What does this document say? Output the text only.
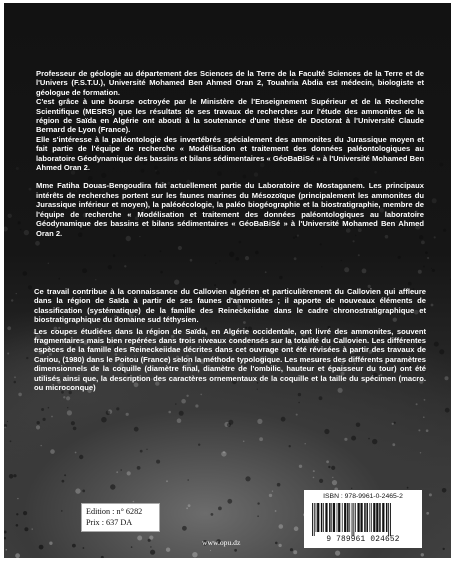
Professeur de géologie au département des Sciences de la Terre de la Faculté Sciences de la Terre et de l'Univers (F.S.T.U.), Université Mohamed Ben Ahmed Oran 2, Touahria Abdia est médecin, biologiste et géologue de formation.

C'est grâce à une bourse octroyée par le Ministère de l'Enseignement Supérieur et de la Recherche Scientifique (MESRS) que les résultats de ses travaux de recherches sur l'étude des ammonites de la région de Saïda en Algérie ont abouti à la soutenance d'une thèse de Doctorat à l'Université Claude Bernard de Lyon (France).

Elle s'intéresse à la paléontologie des invertébrés spécialement des ammonites du Jurassique moyen et fait partie de l'équipe de recherche « Modélisation et traitement des données paléontologiques au laboratoire Géodynamique des bassins et bilans sédimentaires « GéoBaBiSé » à l'Université Mohamed Ben Ahmed Oran 2.

Mme Fatiha Douas-Bengoudira fait actuellement partie du Laboratoire de Mostaganem. Les principaux intérêts de recherches portent sur les faunes marines du Mésozoïque (principalement les ammonites du Jurassique inférieur et moyen), la paléoécologie, la paléo biogéographie et la biostratigraphie, membre de l'équipe de recherche « Modélisation et traitement des données paléontologiques au laboratoire Géodynamique des bassins et bilans sédimentaires « GéoBaBiSé » à l'Université Mohamed Ben Ahmed Oran 2.

Ce travail contribue à la connaissance du Callovien algérien et particulièrement du Callovien qui affleure dans la région de Saïda à partir de ses faunes d'ammonites ; il apporte de nouveaux éléments de classification (systématique) de la famille des Reineckeiidae dans le cadre chronostratigraphique et biostratigraphique du domaine sud téthysien.

Les coupes étudiées dans la région de Saïda, en Algérie occidentale, ont livré des ammonites, souvent fragmentaires mais bien repérées dans trois niveaux condensés sur la totalité du Callovien. Les différentes espèces de la famille des Reineckeiidae décrites dans cet ouvrage ont été révisées à partir des travaux de Cariou, (1980) dans le Poitou (France) selon la méthode typologique. Les mesures des différents paramètres dimensionnels de la coquille (diamètre final, diamètre de l'ombilic, hauteur et épaisseur du tour) ont été utilisés ainsi que, la description des caractères ornementaux de la coquille et la taille du spécimen (macro. ou microconque)

Edition : n° 6282
Prix : 637 DA
www.opu.dz
ISBN : 978-9961-0-2465-2
9 789961 024652
